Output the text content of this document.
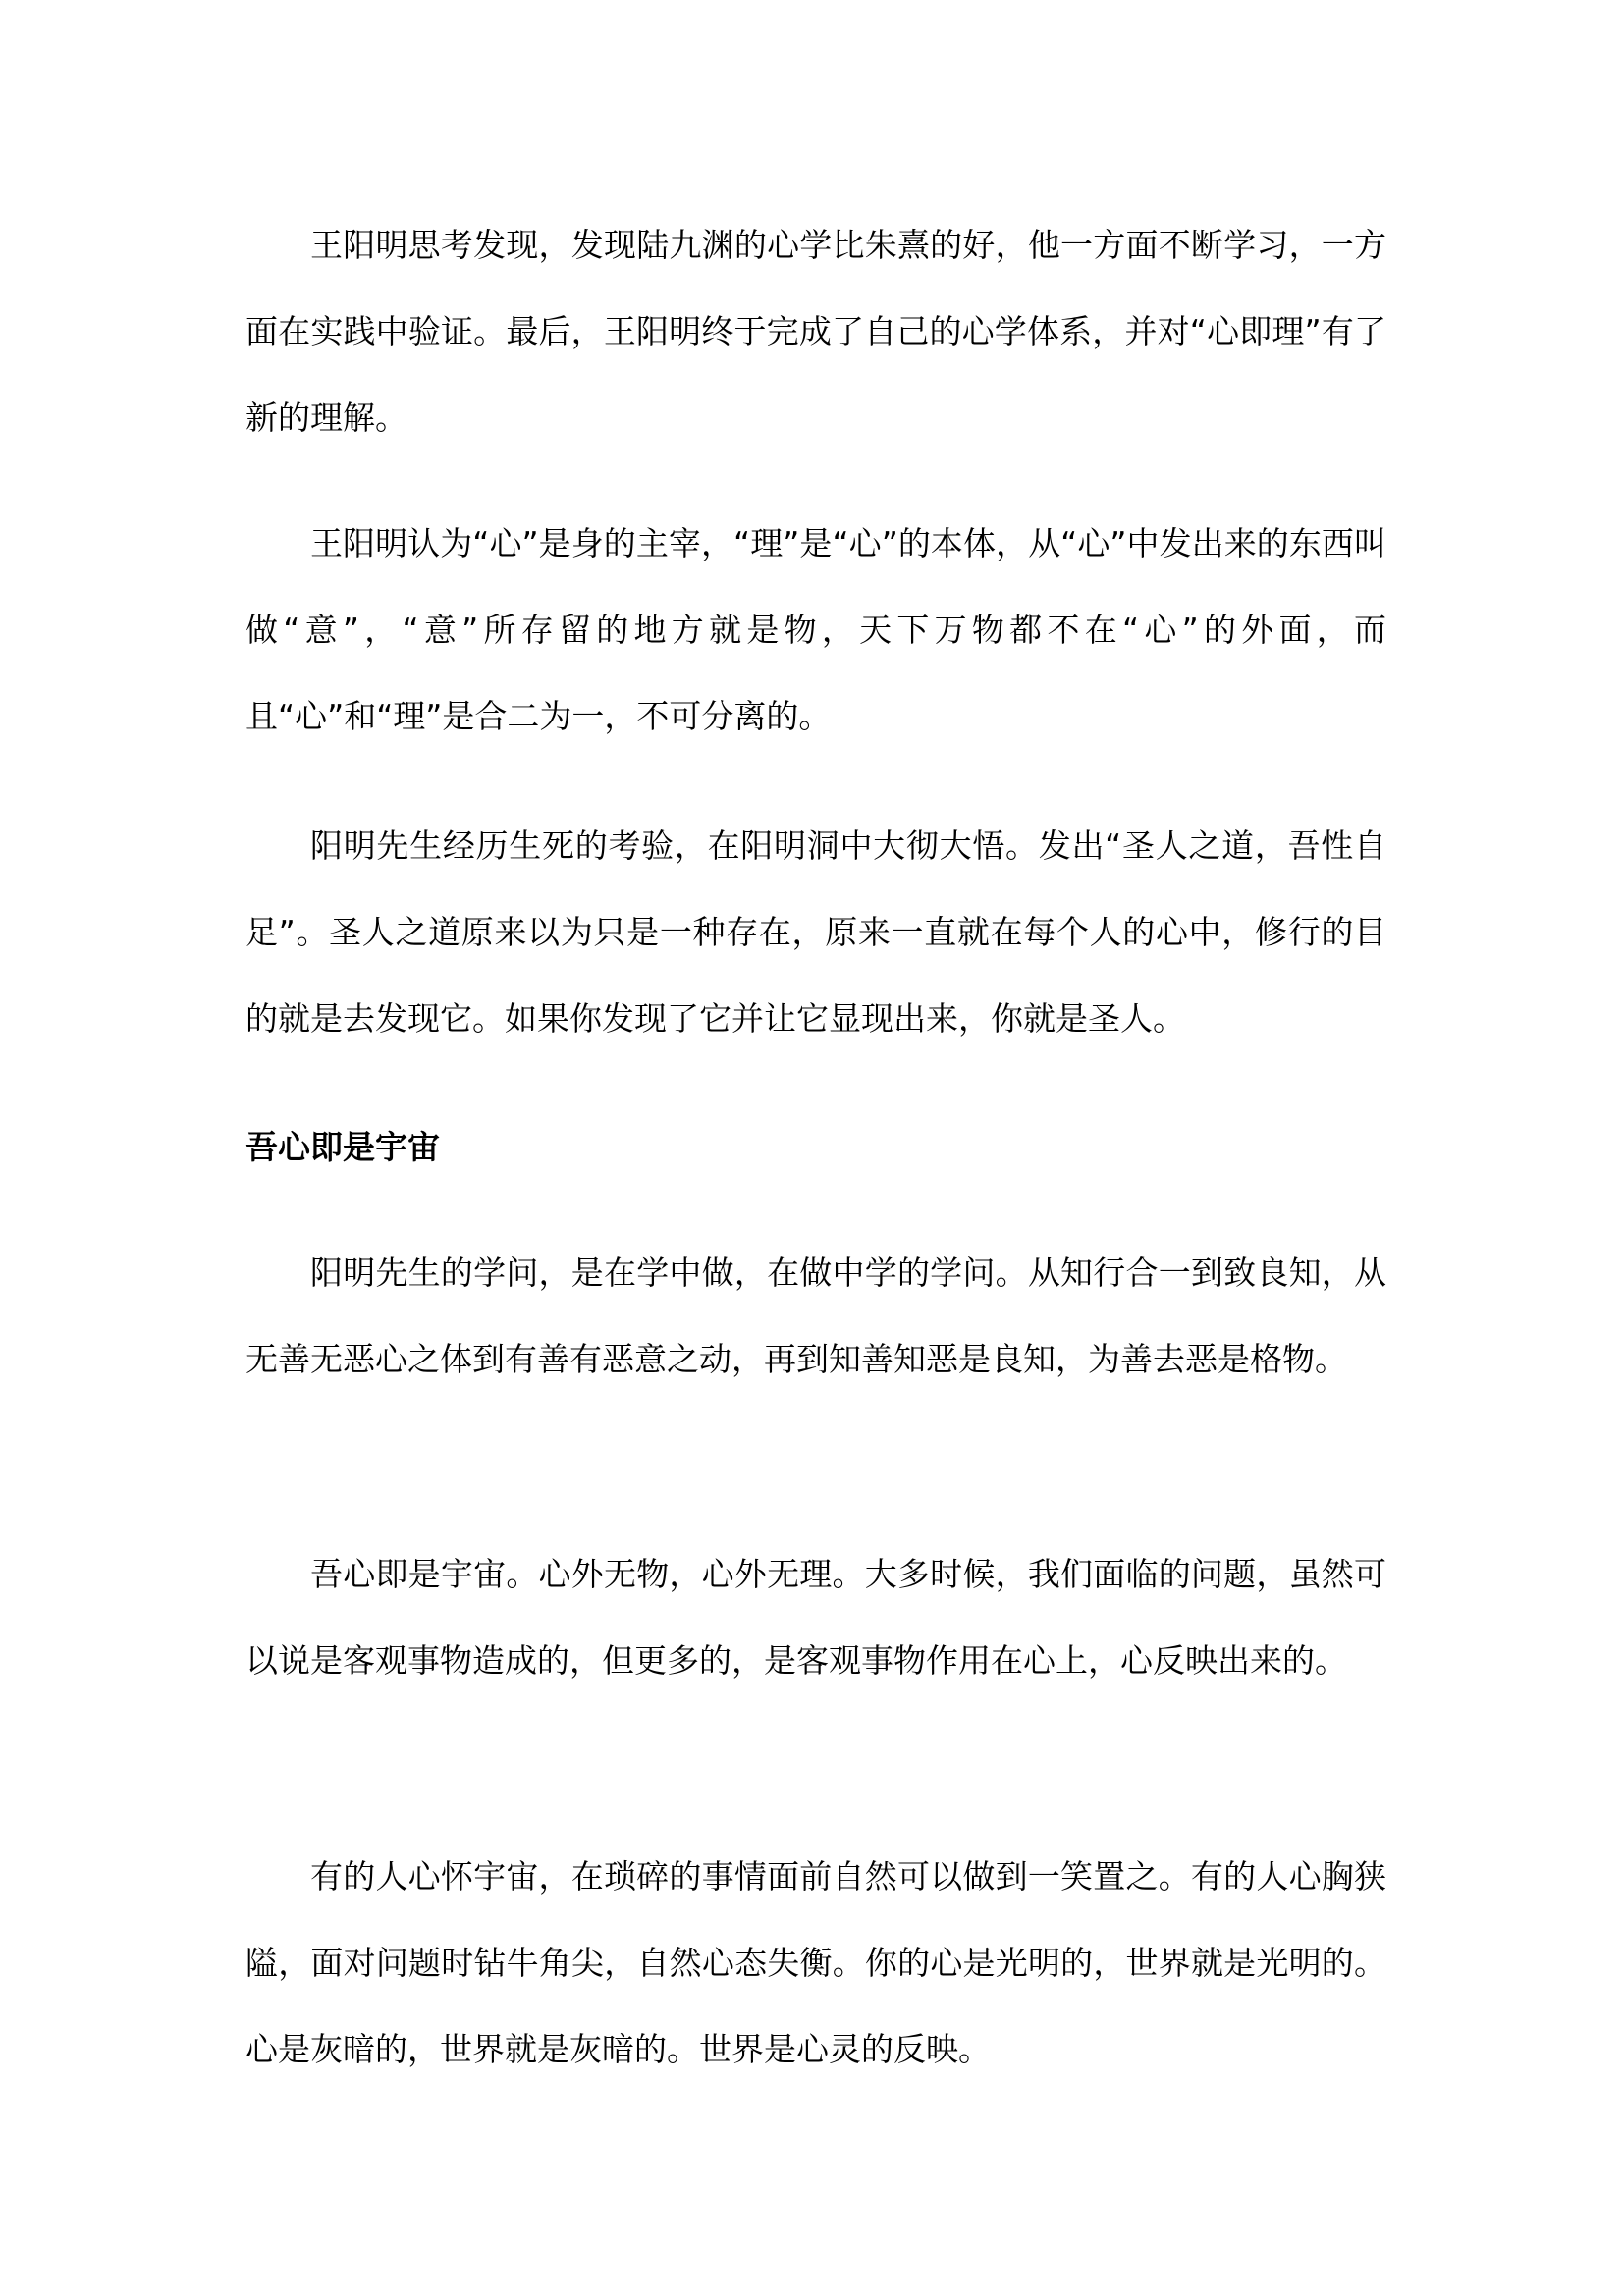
王阳明思考发现，发现陆九渊的心学比朱熹的好，他一方面不断学习，一方面在实践中验证。最后，王阳明终于完成了自己的心学体系，并对“心即理”有了新的理解。

王阳明认为“心”是身的主宰，“理”是“心”的本体，从“心”中发出来的东西叫做“意”，“意”所存留的地方就是物，天下万物都不在“心”的外面，而且“心”和“理”是合二为一，不可分离的。

阳明先生经历生死的考验，在阳明洞中大彻大悟。发出“圣人之道，吾性自足”。圣人之道原来以为只是一种存在，原来一直就在每个人的心中，修行的目的就是去发现它。如果你发现了它并让它显现出来，你就是圣人。

吾心即是宇宙

阳明先生的学问，是在学中做，在做中学的学问。从知行合一到致良知，从无善无恶心之体到有善有恶意之动，再到知善知恶是良知，为善去恶是格物。

吾心即是宇宙。心外无物，心外无理。大多时候，我们面临的问题，虽然可以说是客观事物造成的，但更多的，是客观事物作用在心上，心反映出来的。

有的人心怀宇宙，在琐碎的事情面前自然可以做到一笑置之。有的人心胸狭隘，面对问题时钻牛角尖，自然心态失衡。你的心是光明的，世界就是光明的。心是灰暗的，世界就是灰暗的。世界是心灵的反映。
